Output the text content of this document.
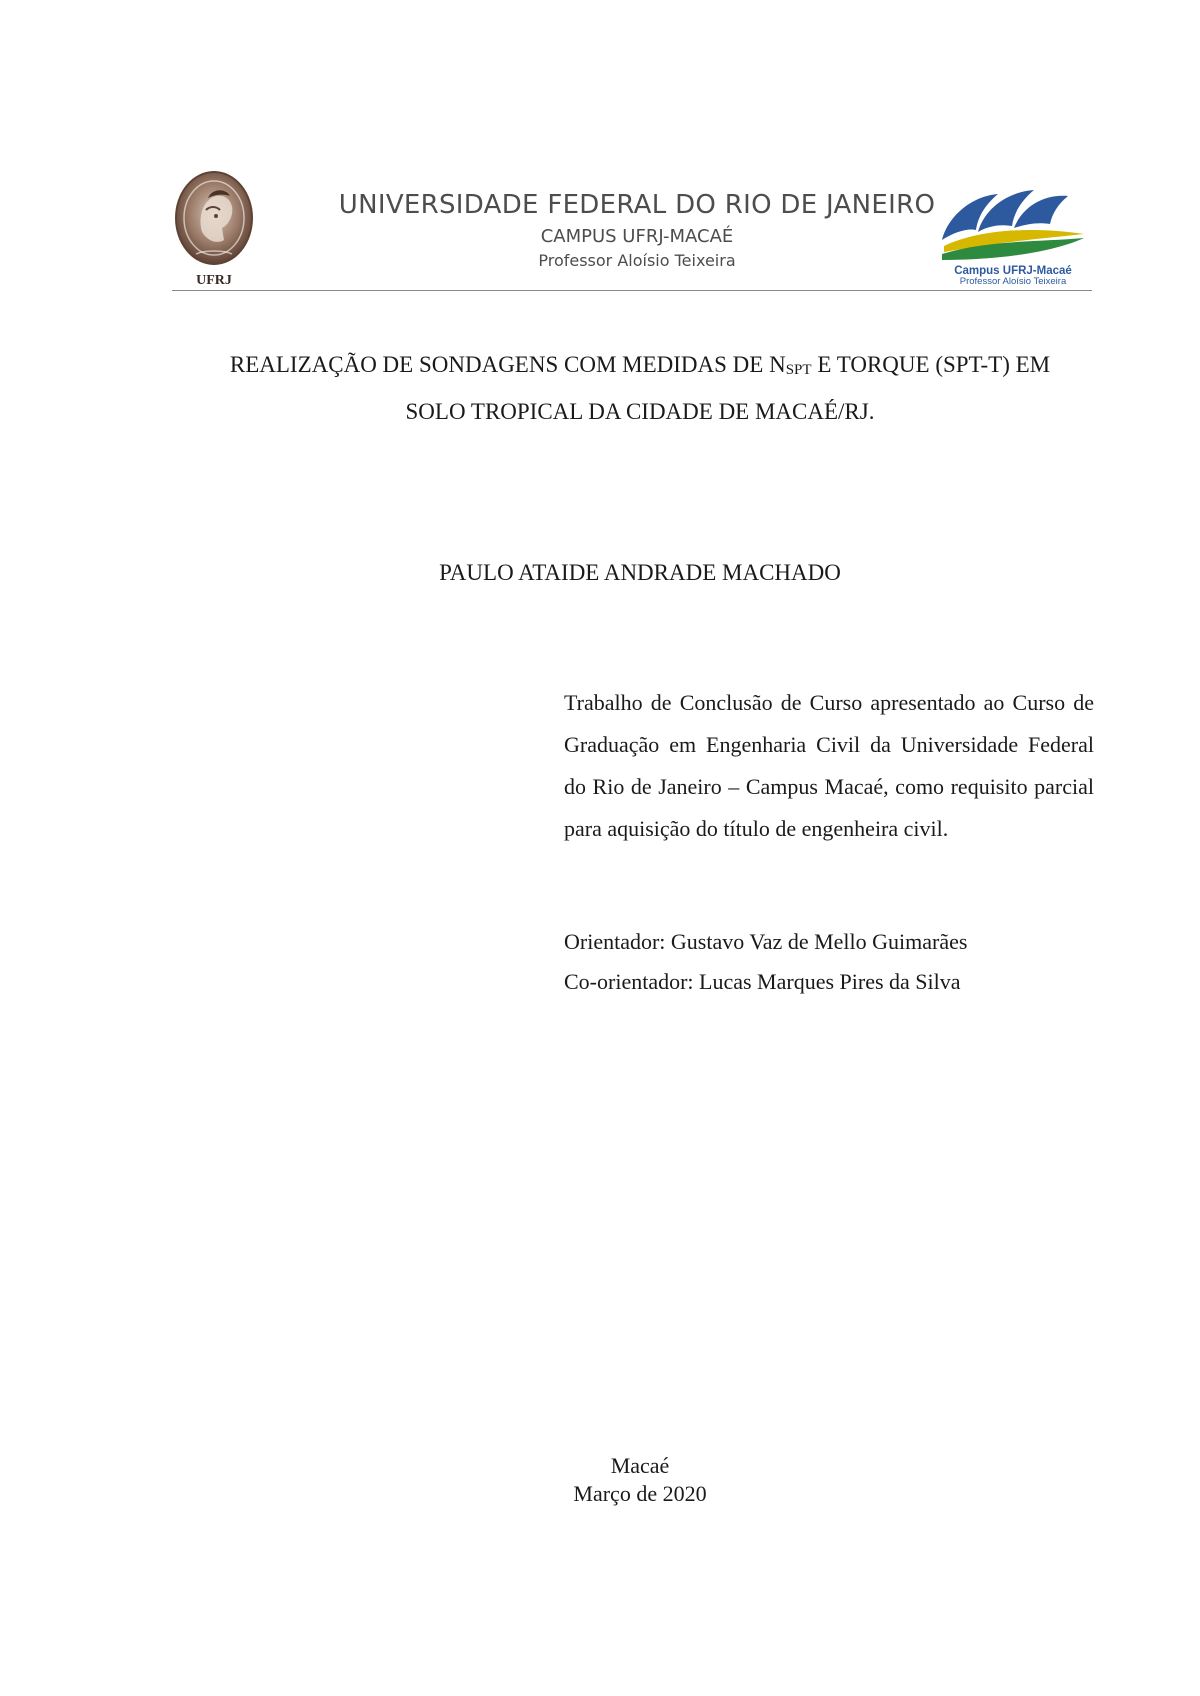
UFRJ
UNIVERSIDADE FEDERAL DO RIO DE JANEIRO
CAMPUS UFRJ-MACAÉ
Professor Aloísio Teixeira
Campus UFRJ-Macaé
Professor Aloísio Teixeira
REALIZAÇÃO DE SONDAGENS COM MEDIDAS DE NSPT E TORQUE (SPT-T) EM
SOLO TROPICAL DA CIDADE DE MACAÉ/RJ.
PAULO ATAIDE ANDRADE MACHADO
Trabalho de Conclusão de Curso apresentado ao Curso de Graduação em Engenharia Civil da Universidade Federal do Rio de Janeiro – Campus Macaé, como requisito parcial para aquisição do título de engenheira civil.
Orientador: Gustavo Vaz de Mello Guimarães
Co-orientador: Lucas Marques Pires da Silva
Macaé
Março de 2020
